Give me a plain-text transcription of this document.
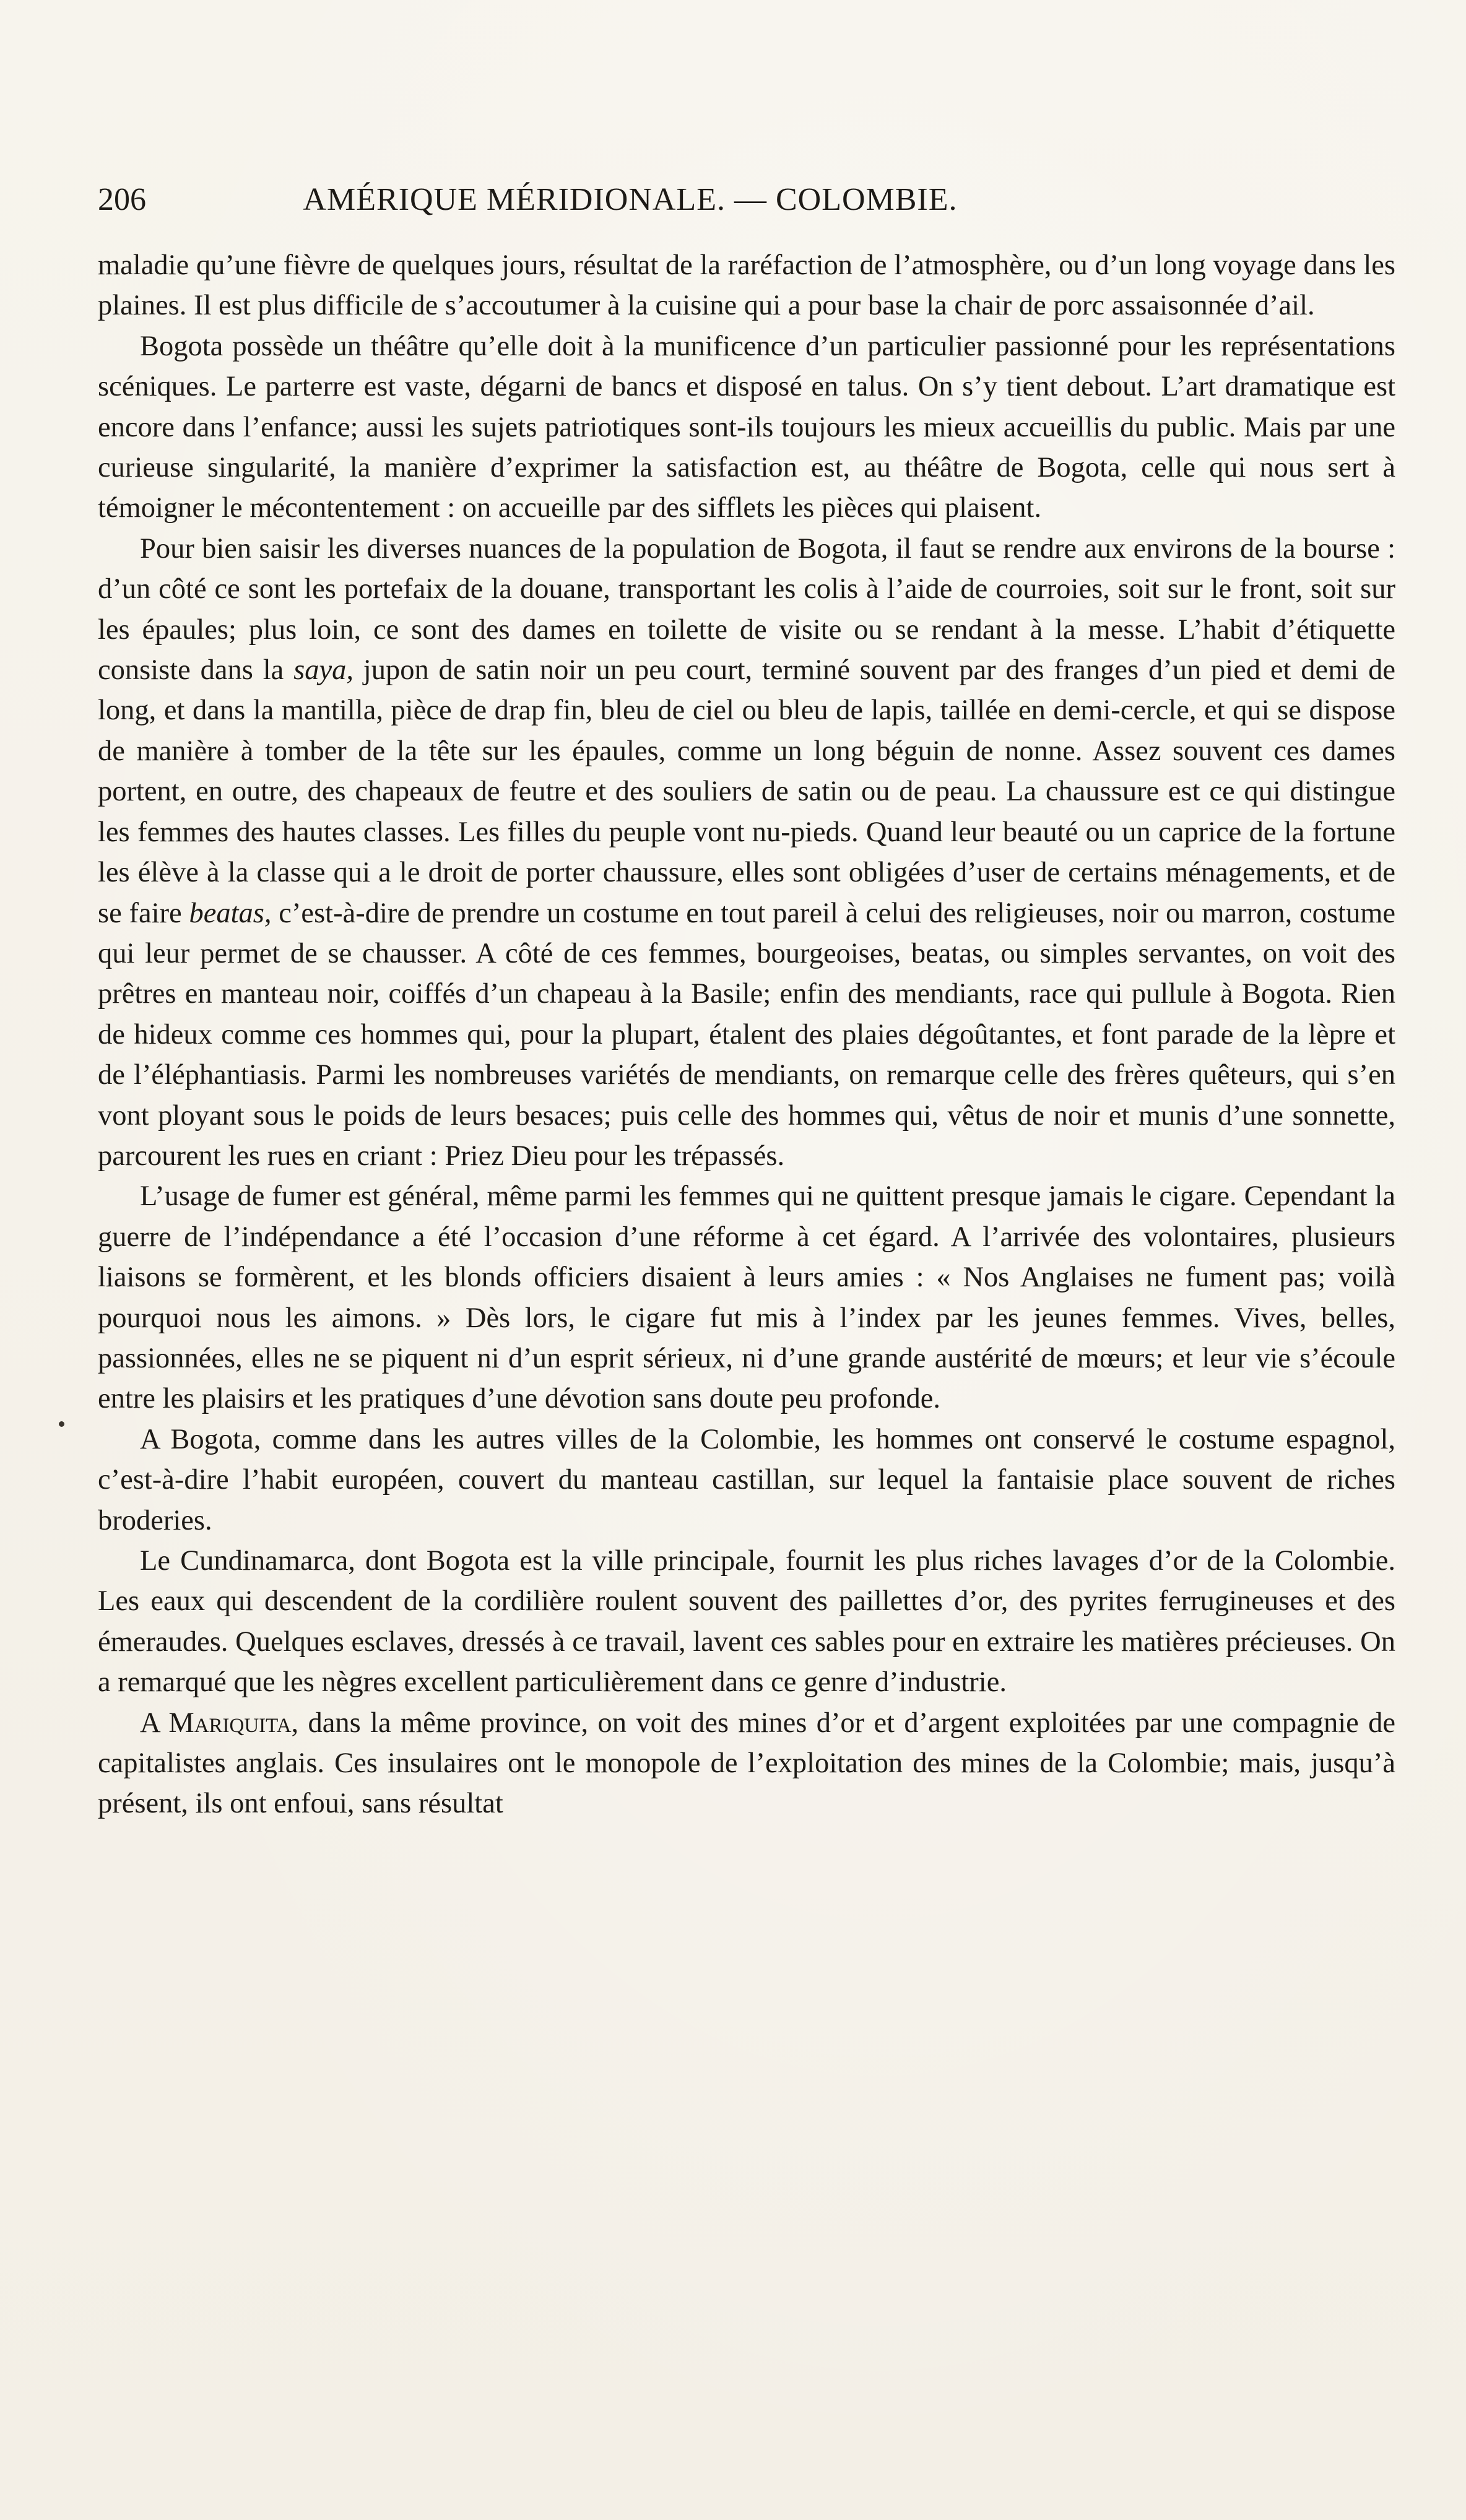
206	AMÉRIQUE MÉRIDIONALE. — COLOMBIE.

maladie qu’une fièvre de quelques jours, résultat de la raréfaction de l’atmosphère, ou d’un long voyage dans les plaines. Il est plus difficile de s’accoutumer à la cuisine qui a pour base la chair de porc assaisonnée d’ail.

Bogota possède un théâtre qu’elle doit à la munificence d’un particulier passionné pour les représentations scéniques. Le parterre est vaste, dégarni de bancs et disposé en talus. On s’y tient debout. L’art dramatique est encore dans l’enfance; aussi les sujets patriotiques sont-ils toujours les mieux accueillis du public. Mais par une curieuse singularité, la manière d’exprimer la satisfaction est, au théâtre de Bogota, celle qui nous sert à témoigner le mécontentement : on accueille par des sifflets les pièces qui plaisent.

Pour bien saisir les diverses nuances de la population de Bogota, il faut se rendre aux environs de la bourse : d’un côté ce sont les portefaix de la douane, transportant les colis à l’aide de courroies, soit sur le front, soit sur les épaules; plus loin, ce sont des dames en toilette de visite ou se rendant à la messe. L’habit d’étiquette consiste dans la saya, jupon de satin noir un peu court, terminé souvent par des franges d’un pied et demi de long, et dans la mantilla, pièce de drap fin, bleu de ciel ou bleu de lapis, taillée en demi-cercle, et qui se dispose de manière à tomber de la tête sur les épaules, comme un long béguin de nonne. Assez souvent ces dames portent, en outre, des chapeaux de feutre et des souliers de satin ou de peau. La chaussure est ce qui distingue les femmes des hautes classes. Les filles du peuple vont nu-pieds. Quand leur beauté ou un caprice de la fortune les élève à la classe qui a le droit de porter chaussure, elles sont obligées d’user de certains ménagements, et de se faire beatas, c’est-à-dire de prendre un costume en tout pareil à celui des religieuses, noir ou marron, costume qui leur permet de se chausser. A côté de ces femmes, bourgeoises, beatas, ou simples servantes, on voit des prêtres en manteau noir, coiffés d’un chapeau à la Basile; enfin des mendiants, race qui pullule à Bogota. Rien de hideux comme ces hommes qui, pour la plupart, étalent des plaies dégoûtantes, et font parade de la lèpre et de l’éléphantiasis. Parmi les nombreuses variétés de mendiants, on remarque celle des frères quêteurs, qui s’en vont ployant sous le poids de leurs besaces; puis celle des hommes qui, vêtus de noir et munis d’une sonnette, parcourent les rues en criant : Priez Dieu pour les trépassés.

L’usage de fumer est général, même parmi les femmes qui ne quittent presque jamais le cigare. Cependant la guerre de l’indépendance a été l’occasion d’une réforme à cet égard. A l’arrivée des volontaires, plusieurs liaisons se formèrent, et les blonds officiers disaient à leurs amies : « Nos Anglaises ne fument pas; voilà pourquoi nous les aimons. » Dès lors, le cigare fut mis à l’index par les jeunes femmes. Vives, belles, passionnées, elles ne se piquent ni d’un esprit sérieux, ni d’une grande austérité de mœurs; et leur vie s’écoule entre les plaisirs et les pratiques d’une dévotion sans doute peu profonde.

A Bogota, comme dans les autres villes de la Colombie, les hommes ont conservé le costume espagnol, c’est-à-dire l’habit européen, couvert du manteau castillan, sur lequel la fantaisie place souvent de riches broderies.

Le Cundinamarca, dont Bogota est la ville principale, fournit les plus riches lavages d’or de la Colombie. Les eaux qui descendent de la cordilière roulent souvent des paillettes d’or, des pyrites ferrugineuses et des émeraudes. Quelques esclaves, dressés à ce travail, lavent ces sables pour en extraire les matières précieuses. On a remarqué que les nègres excellent particulièrement dans ce genre d’industrie.

A Mariquita, dans la même province, on voit des mines d’or et d’argent exploitées par une compagnie de capitalistes anglais. Ces insulaires ont le monopole de l’exploitation des mines de la Colombie; mais, jusqu’à présent, ils ont enfoui, sans résultat
